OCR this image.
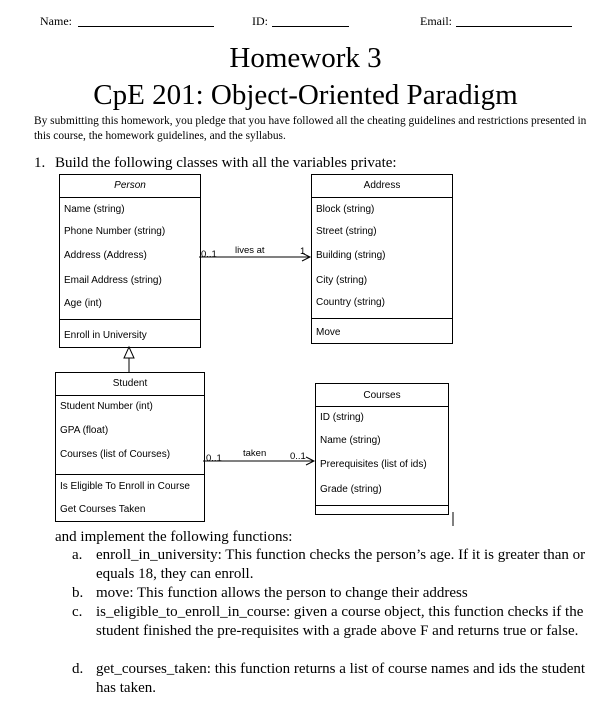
Name:	ID:	Email:
Homework 3
CpE 201: Object-Oriented Paradigm
By submitting this homework, you pledge that you have followed all the cheating guidelines and restrictions presented in this course, the homework guidelines, and the syllabus.
1. Build the following classes with all the variables private:
Person
Name (string)
Phone Number (string)
Address (Address)
Email Address (string)
Age (int)
Enroll in University
Address
Block (string)
Street (string)
Building (string)
City (string)
Country (string)
Move
Student
Student Number (int)
GPA (float)
Courses (list of Courses)
Is Eligible To Enroll in Course
Get Courses Taken
Courses
ID (string)
Name (string)
Prerequisites (list of ids)
Grade (string)
0..1 lives at	1
0..1 taken	0..1
and implement the following functions:
a. enroll_in_university: This function checks the person’s age. If it is greater than or equals 18, they can enroll.
b. move: This function allows the person to change their address
c. is_eligible_to_enroll_in_course: given a course object, this function checks if the student finished the pre-requisites with a grade above F and returns true or false.
d. get_courses_taken: this function returns a list of course names and ids the student has taken.
